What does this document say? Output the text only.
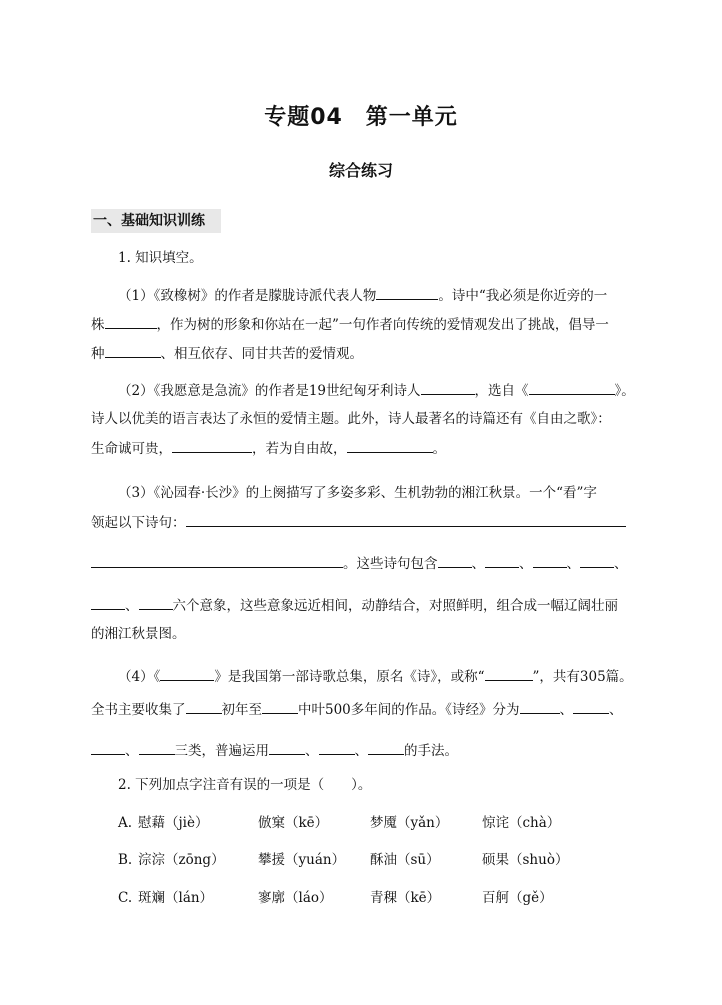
专题04　第一单元
综合练习
一、基础知识训练
1. 知识填空。
（1）《致橡树》的作者是朦胧诗派代表人物	。诗中“我必须是你近旁的一
株	，作为树的形象和你站在一起”一句作者向传统的爱情观发出了挑战，倡导一
种	、相互依存、同甘共苦的爱情观。
（2）《我愿意是急流》的作者是19世纪匈牙利诗人	，选自《	》。
诗人以优美的语言表达了永恒的爱情主题。此外，诗人最著名的诗篇还有《自由之歌》：
生命诚可贵，	，若为自由故，	。
（3）《沁园春·长沙》的上阕描写了多姿多彩、生机勃勃的湘江秋景。一个“看”字
领起以下诗句：
。这些诗句包含	、	、	、	、
、	六个意象，这些意象远近相间，动静结合，对照鲜明，组合成一幅辽阔壮丽
的湘江秋景图。
（4）《	》是我国第一部诗歌总集，原名《诗》，或称“	”，共有305篇。
全书主要收集了	初年至	中叶500多年间的作品。《诗经》分为	、	、
、	三类，普遍运用	、	、	的手法。
2. 下列加点字注音有误的一项是（　　）。
A. 慰藉（jiè）	倣窠（kē）	梦魇（yǎn） 惊诧（chà）
B. 淙淙（zōng） 攀援（yuán） 酥油（sū）	硕果（shuò）
C. 斑斓（lán）	寥廓（láo）	青稞（kē）	百舸（gě）
